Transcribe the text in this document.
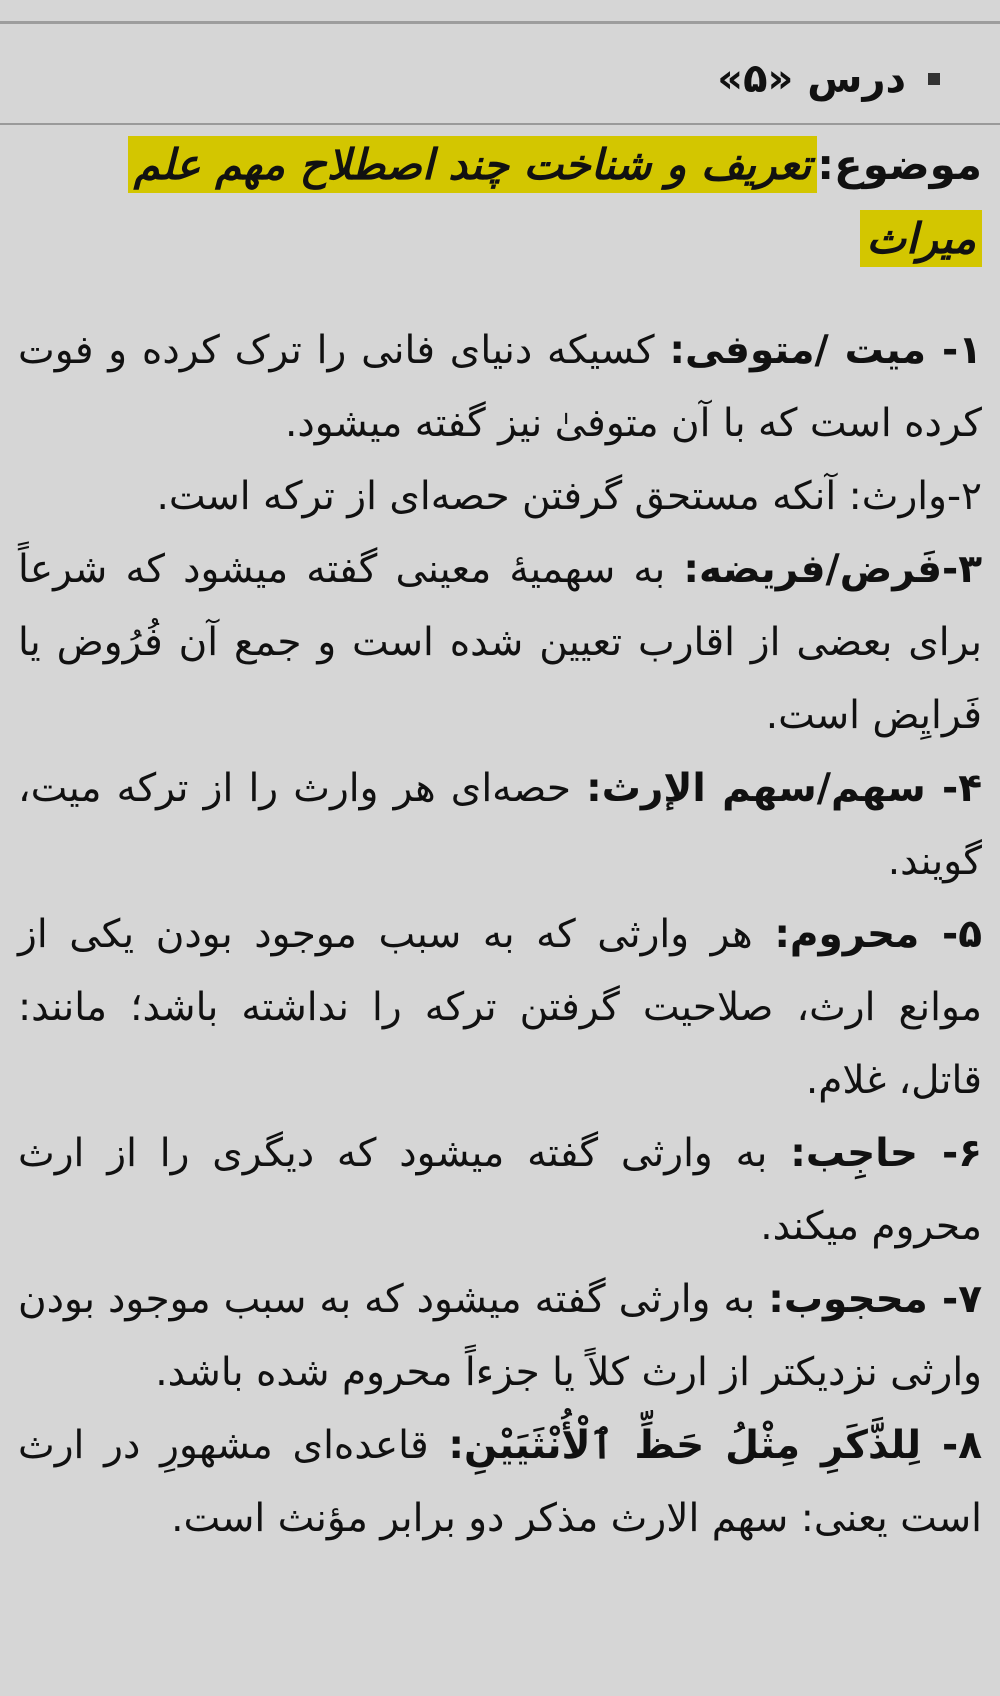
درس «۵»
موضوع:تعریف و شناخت چند اصطلاح مهم علم میراث
۱- میت /متوفی: کسیکه دنیای فانی را ترک کرده و فوت کرده است که با آن متوفیٰ نیز گفته میشود.
۲-وارث: آنکه مستحق گرفتن حصه‌ای از ترکه است.
۳-فَرض/فریضه: به سهمیۀ معینی گفته میشود که شرعاً برای بعضی از اقارب تعیین شده است و جمع آن فُرُوض یا فَرایِض است.
۴- سهم/سهم الإرث: حصه‌ای هر وارث را از ترکه میت، گویند.
۵- محروم: هر وارثی که به سبب موجود بودن یکی از موانع ارث، صلاحیت گرفتن ترکه را نداشته باشد؛ مانند: قاتل، غلام.
۶- حاجِب: به وارثی گفته میشود که دیگری را از ارث محروم میکند.
۷- محجوب: به وارثی گفته میشود که به سبب موجود بودن وارثی نزدیکتر از ارث کلاً یا جزءاً محروم شده باشد.
۸- لِلذَّکَرِ مِثْلُ حَظِّ ٱلْأُنْثَیَیْنِ: قاعده‌ای مشهورِ در ارث است یعنی: سهم الارث مذکر دو برابر مؤنث است.
